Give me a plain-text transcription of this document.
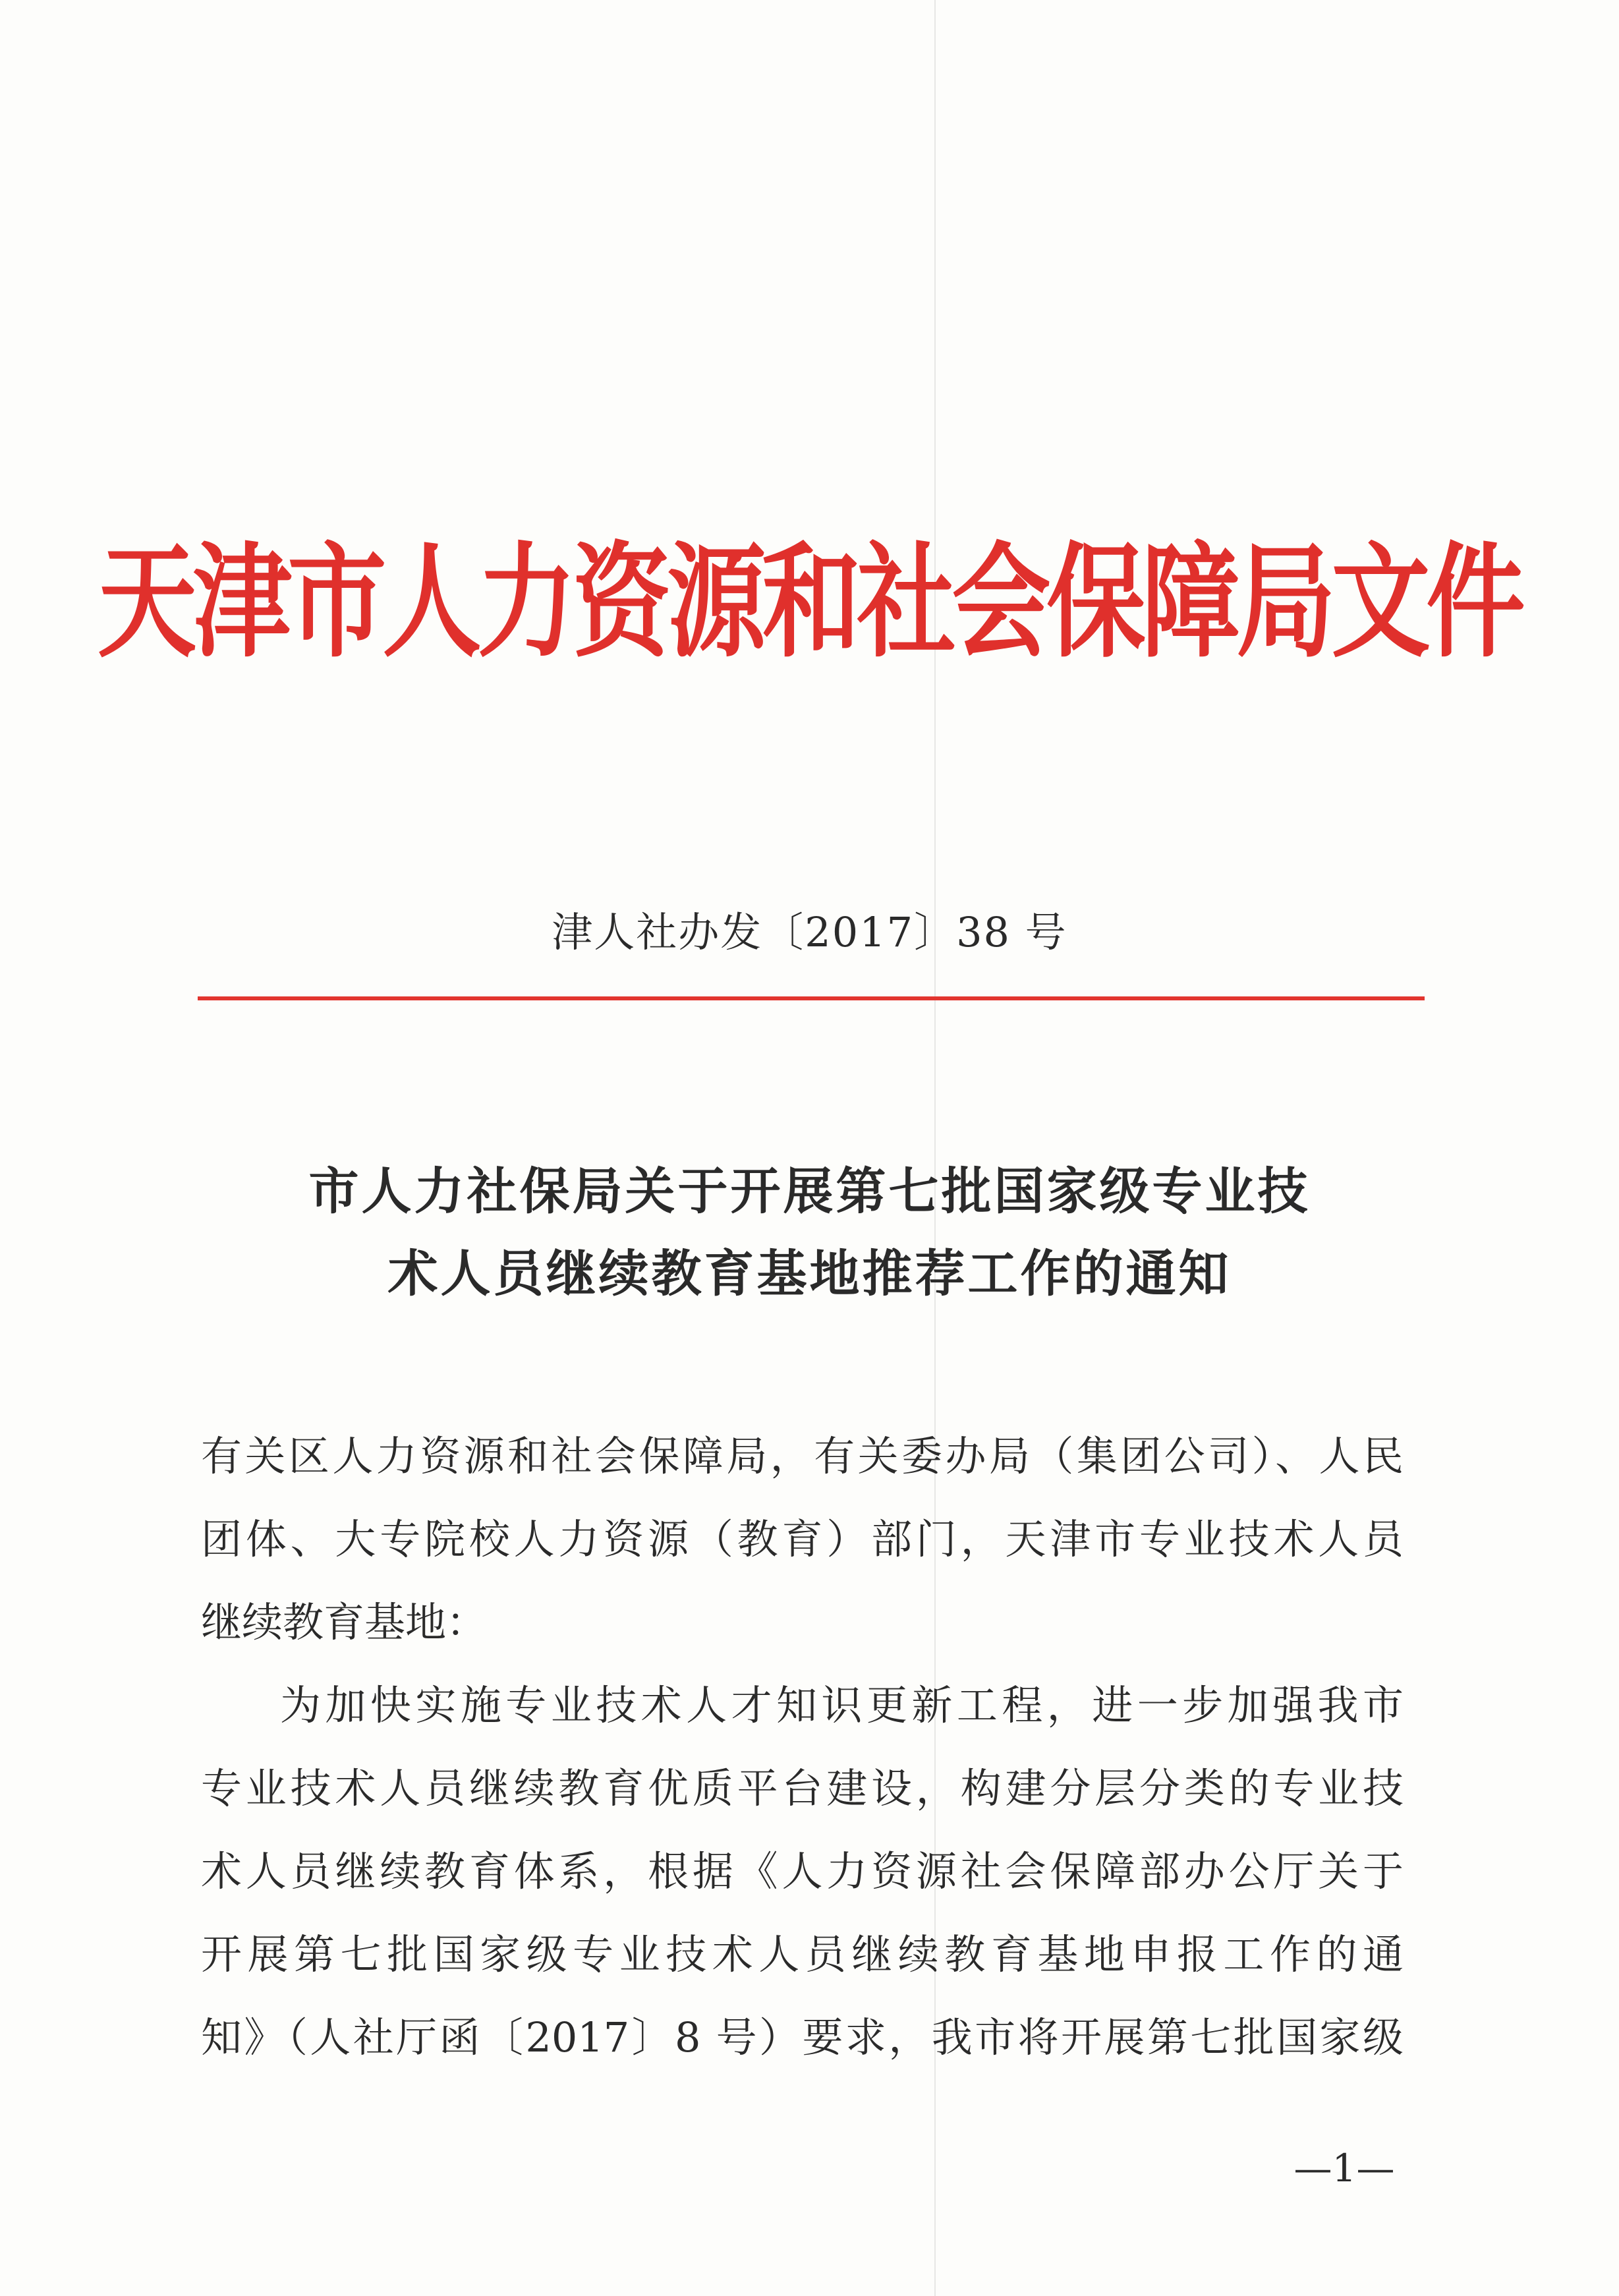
天津市人力资源和社会保障局文件
津人社办发〔2017〕38 号
市人力社保局关于开展第七批国家级专业技
术人员继续教育基地推荐工作的通知
有关区人力资源和社会保障局，有关委办局（集团公司）、人民
团体、大专院校人力资源（教育）部门，天津市专业技术人员
继续教育基地：
为加快实施专业技术人才知识更新工程，进一步加强我市
专业技术人员继续教育优质平台建设，构建分层分类的专业技
术人员继续教育体系，根据《人力资源社会保障部办公厅关于
开展第七批国家级专业技术人员继续教育基地申报工作的通
知》（人社厅函〔2017〕8 号）要求，我市将开展第七批国家级
—1—
